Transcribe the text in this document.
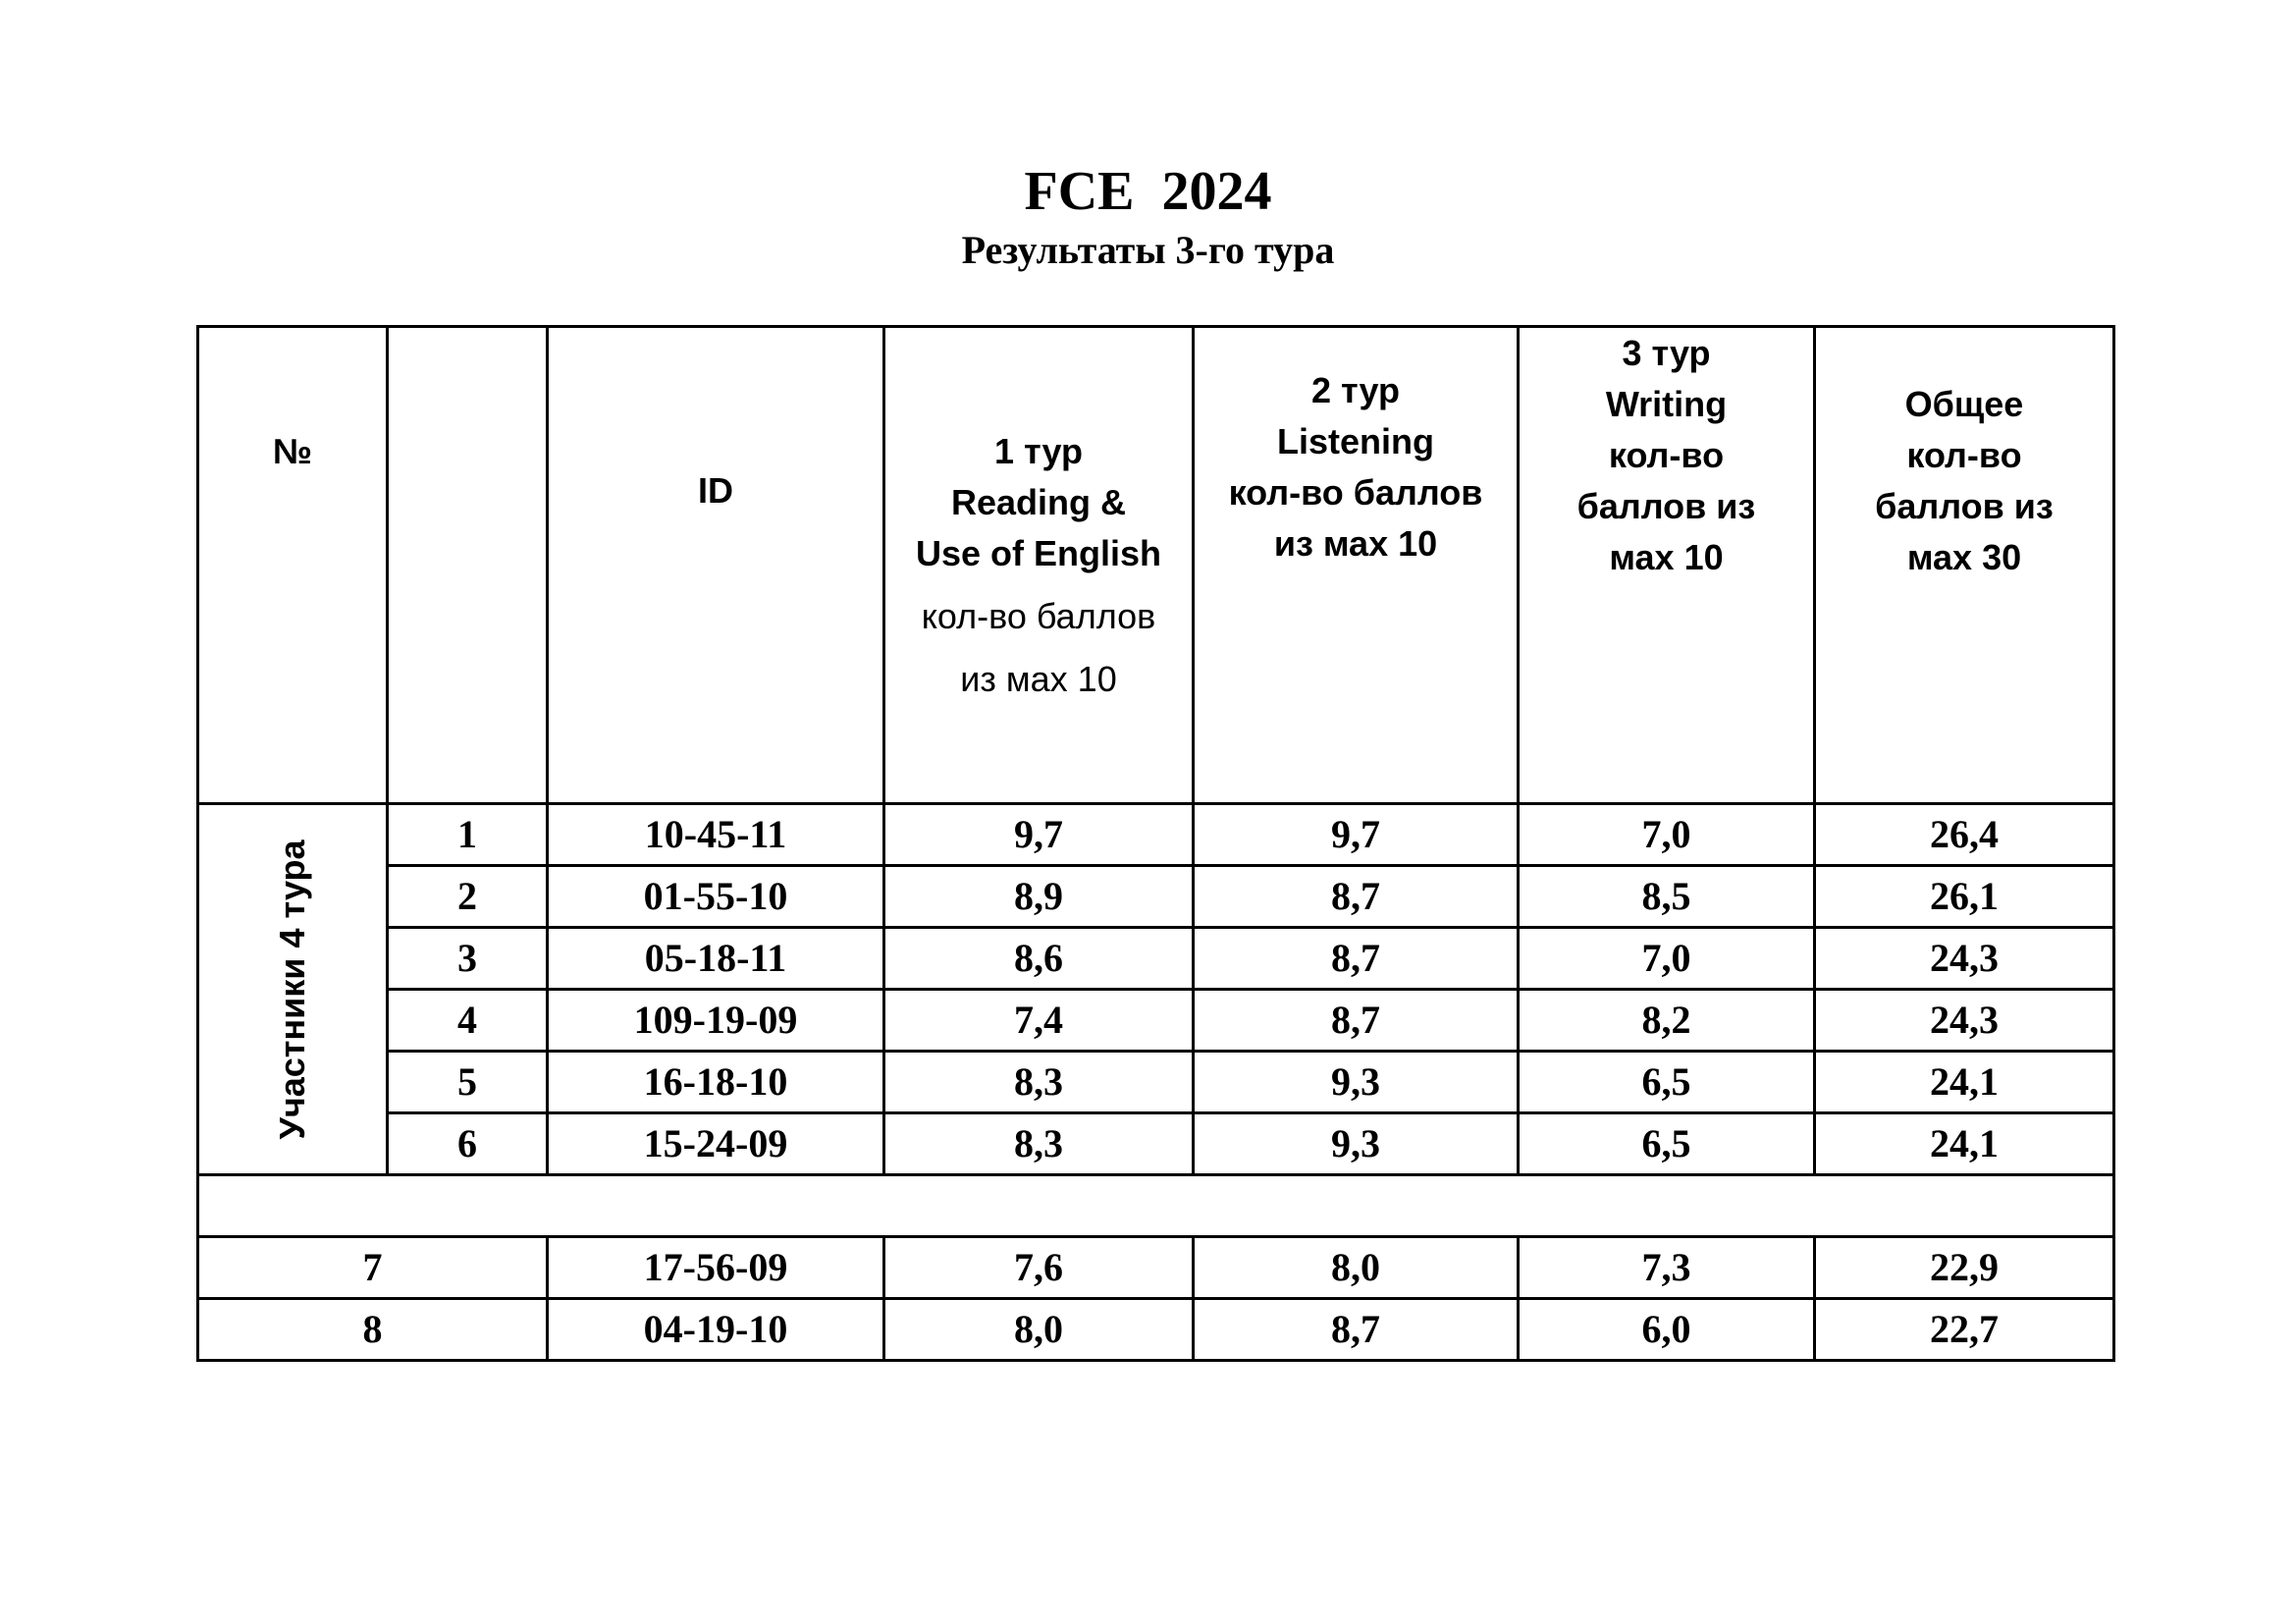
FCE  2024
Результаты 3-го тура
№		ID	1 тур
Reading &
Use of English
кол-во баллов
из мах 10	2 тур
Listening
кол-во баллов
из мах 10	3 тур
Writing
кол-во
баллов из
мах 10	Общее
кол-во
баллов из
мах 30

Участники 4 тура	1	10-45-11	9,7	9,7	7,0	26,4
	2	01-55-10	8,9	8,7	8,5	26,1
	3	05-18-11	8,6	8,7	7,0	24,3
	4	109-19-09	7,4	8,7	8,2	24,3
	5	16-18-10	8,3	9,3	6,5	24,1
	6	15-24-09	8,3	9,3	6,5	24,1

7		17-56-09	7,6	8,0	7,3	22,9
8		04-19-10	8,0	8,7	6,0	22,7
